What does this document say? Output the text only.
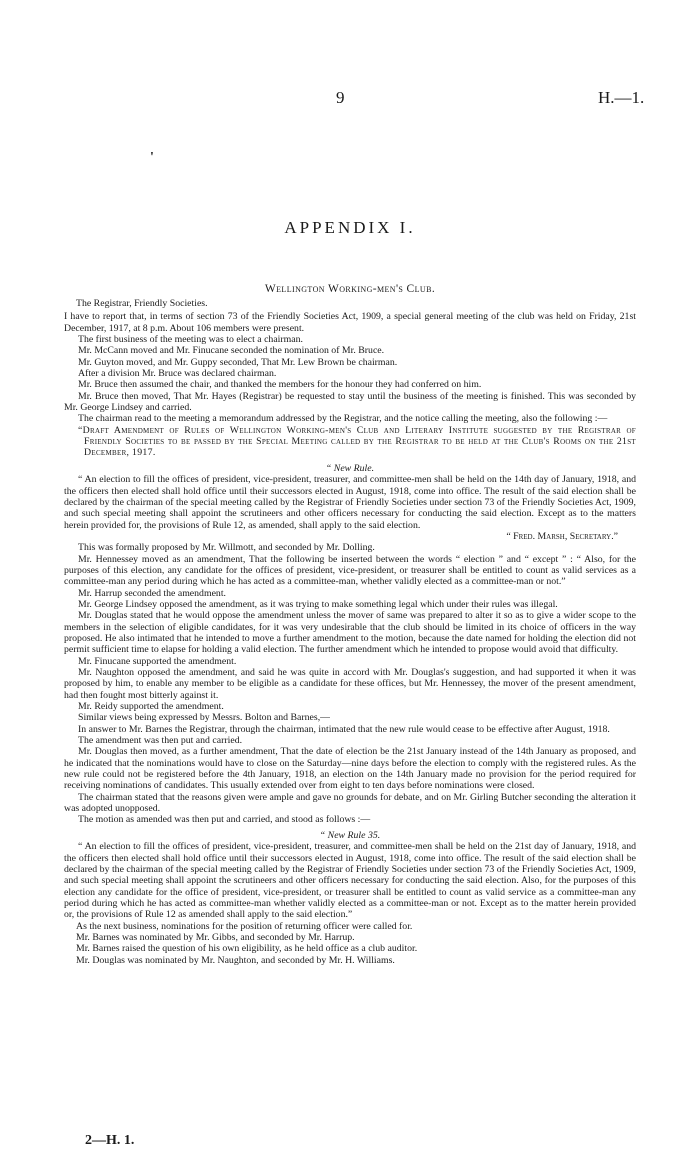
9	H.—1.
'
APPENDIX I.
Wellington Working-men's Club.

The Registrar, Friendly Societies.

I have to report that, in terms of section 73 of the Friendly Societies Act, 1909, a special general meeting of the club was held on Friday, 21st December, 1917, at 8 p.m. About 106 members were present.

The first business of the meeting was to elect a chairman.

Mr. McCann moved and Mr. Finucane seconded the nomination of Mr. Bruce.

Mr. Guyton moved, and Mr. Guppy seconded, That Mr. Lew Brown be chairman.

After a division Mr. Bruce was declared chairman.

Mr. Bruce then assumed the chair, and thanked the members for the honour they had conferred on him.

Mr. Bruce then moved, That Mr. Hayes (Registrar) be requested to stay until the business of the meeting is finished. This was seconded by Mr. George Lindsey and carried.

The chairman read to the meeting a memorandum addressed by the Registrar, and the notice calling the meeting, also the following :—

“Draft Amendment of Rules of Wellington Working-men's Club and Literary Institute suggested by the Registrar of Friendly Societies to be passed by the Special Meeting called by the Registrar to be held at the Club's Rooms on the 21st December, 1917.

“ New Rule.

“ An election to fill the offices of president, vice-president, treasurer, and committee-men shall be held on the 14th day of January, 1918, and the officers then elected shall hold office until their successors elected in August, 1918, come into office. The result of the said election shall be declared by the chairman of the special meeting called by the Registrar of Friendly Societies under section 73 of the Friendly Societies Act, 1909, and such special meeting shall appoint the scrutineers and other officers necessary for conducting the said election. Except as to the matters herein provided for, the provisions of Rule 12, as amended, shall apply to the said election.

“ Fred. Marsh, Secretary.”

This was formally proposed by Mr. Willmott, and seconded by Mr. Dolling.

Mr. Hennessey moved as an amendment, That the following be inserted between the words “ election ” and “ except ” : “ Also, for the purposes of this election, any candidate for the offices of president, vice-president, or treasurer shall be entitled to count as valid services as a committee-man any period during which he has acted as a committee-man, whether validly elected as a committee-man or not.”

Mr. Harrup seconded the amendment.

Mr. George Lindsey opposed the amendment, as it was trying to make something legal which under their rules was illegal.

Mr. Douglas stated that he would oppose the amendment unless the mover of same was prepared to alter it so as to give a wider scope to the members in the selection of eligible candidates, for it was very undesirable that the club should be limited in its choice of officers in the way proposed. He also intimated that he intended to move a further amendment to the motion, because the date named for holding the election did not permit sufficient time to elapse for holding a valid election. The further amendment which he intended to propose would avoid that difficulty.

Mr. Finucane supported the amendment.

Mr. Naughton opposed the amendment, and said he was quite in accord with Mr. Douglas's suggestion, and had supported it when it was proposed by him, to enable any member to be eligible as a candidate for these offices, but Mr. Hennessey, the mover of the present amendment, had then fought most bitterly against it.

Mr. Reidy supported the amendment.

Similar views being expressed by Messrs. Bolton and Barnes,—

In answer to Mr. Barnes the Registrar, through the chairman, intimated that the new rule would cease to be effective after August, 1918.

The amendment was then put and carried.

Mr. Douglas then moved, as a further amendment, That the date of election be the 21st January instead of the 14th January as proposed, and he indicated that the nominations would have to close on the Saturday—nine days before the election to comply with the registered rules. As the new rule could not be registered before the 4th January, 1918, an election on the 14th January made no provision for the period required for receiving nominations of candidates. This usually extended over from eight to ten days before nominations were closed.

The chairman stated that the reasons given were ample and gave no grounds for debate, and on Mr. Girling Butcher seconding the alteration it was adopted unopposed.

The motion as amended was then put and carried, and stood as follows :—

“ New Rule 35.

“ An election to fill the offices of president, vice-president, treasurer, and committee-men shall be held on the 21st day of January, 1918, and the officers then elected shall hold office until their successors elected in August, 1918, come into office. The result of the said election shall be declared by the chairman of the special meeting called by the Registrar of Friendly Societies under section 73 of the Friendly Societies Act, 1909, and such special meeting shall appoint the scrutineers and other officers necessary for conducting the said election. Also, for the purposes of this election any candidate for the office of president, vice-president, or treasurer shall be entitled to count as valid service as a committee-man any period during which he has acted as committee-man whether validly elected as a committee-man or not. Except as to the matter herein provided or, the provisions of Rule 12 as amended shall apply to the said election.”

As the next business, nominations for the position of returning officer were called for.

Mr. Barnes was nominated by Mr. Gibbs, and seconded by Mr. Harrup.

Mr. Barnes raised the question of his own eligibility, as he held office as a club auditor.

Mr. Douglas was nominated by Mr. Naughton, and seconded by Mr. H. Williams.

2—H. 1.
